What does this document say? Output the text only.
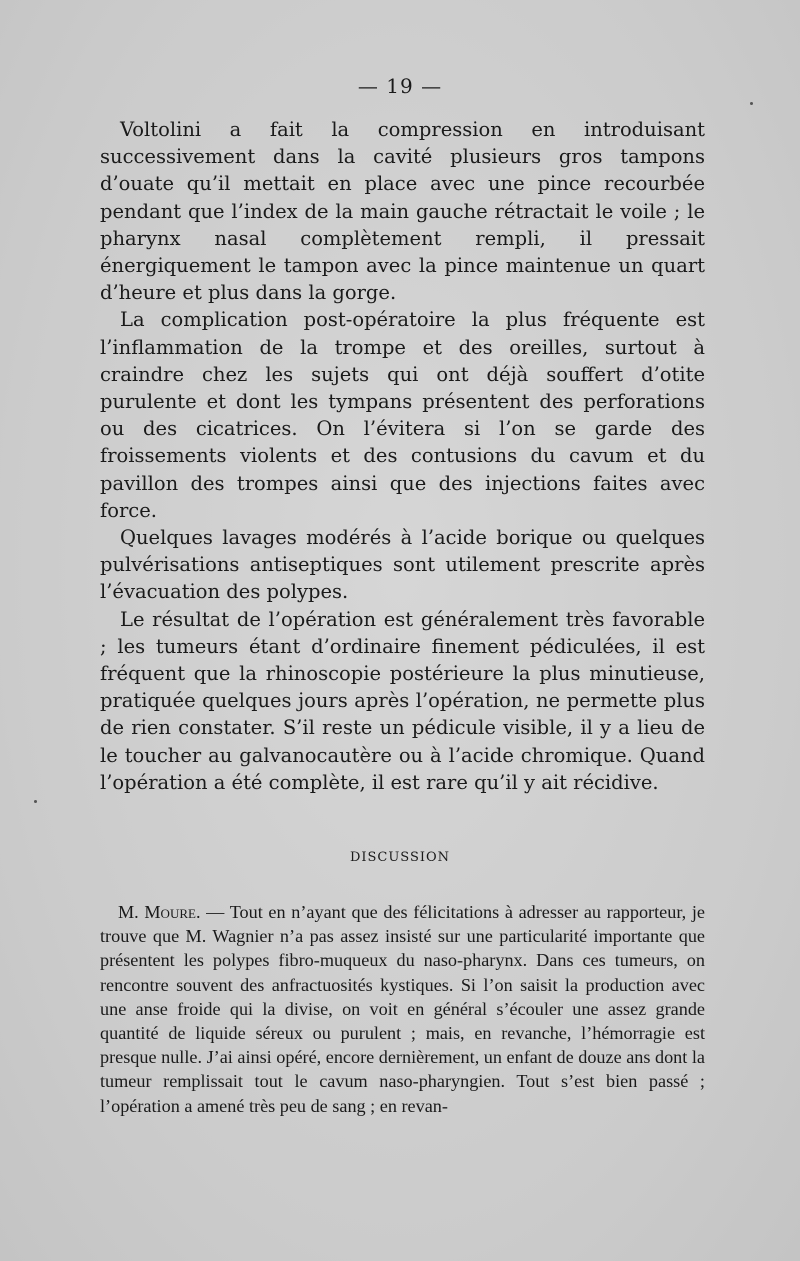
— 19 —

Voltolini a fait la compression en introduisant successivement dans la cavité plusieurs gros tampons d’ouate qu’il mettait en place avec une pince recourbée pendant que l’index de la main gauche rétractait le voile ; le pharynx nasal complètement rempli, il pressait énergiquement le tampon avec la pince maintenue un quart d’heure et plus dans la gorge.

La complication post-opératoire la plus fréquente est l’inflammation de la trompe et des oreilles, surtout à craindre chez les sujets qui ont déjà souffert d’otite purulente et dont les tympans présentent des perforations ou des cicatrices. On l’évitera si l’on se garde des froissements violents et des contusions du cavum et du pavillon des trompes ainsi que des injections faites avec force.

Quelques lavages modérés à l’acide borique ou quelques pulvérisations antiseptiques sont utilement prescrite après l’évacuation des polypes.

Le résultat de l’opération est généralement très favorable ; les tumeurs étant d’ordinaire finement pédiculées, il est fréquent que la rhinoscopie postérieure la plus minutieuse, pratiquée quelques jours après l’opération, ne permette plus de rien constater. S’il reste un pédicule visible, il y a lieu de le toucher au galvanocautère ou à l’acide chromique. Quand l’opération a été complète, il est rare qu’il y ait récidive.

DISCUSSION

M. Moure. — Tout en n’ayant que des félicitations à adresser au rapporteur, je trouve que M. Wagnier n’a pas assez insisté sur une particularité importante que présentent les polypes fibro-muqueux du naso-pharynx. Dans ces tumeurs, on rencontre souvent des anfractuosités kystiques. Si l’on saisit la production avec une anse froide qui la divise, on voit en général s’écouler une assez grande quantité de liquide séreux ou purulent ; mais, en revanche, l’hémorragie est presque nulle. J’ai ainsi opéré, encore dernièrement, un enfant de douze ans dont la tumeur remplissait tout le cavum naso-pharyngien. Tout s’est bien passé ; l’opération a amené très peu de sang ; en revan-
